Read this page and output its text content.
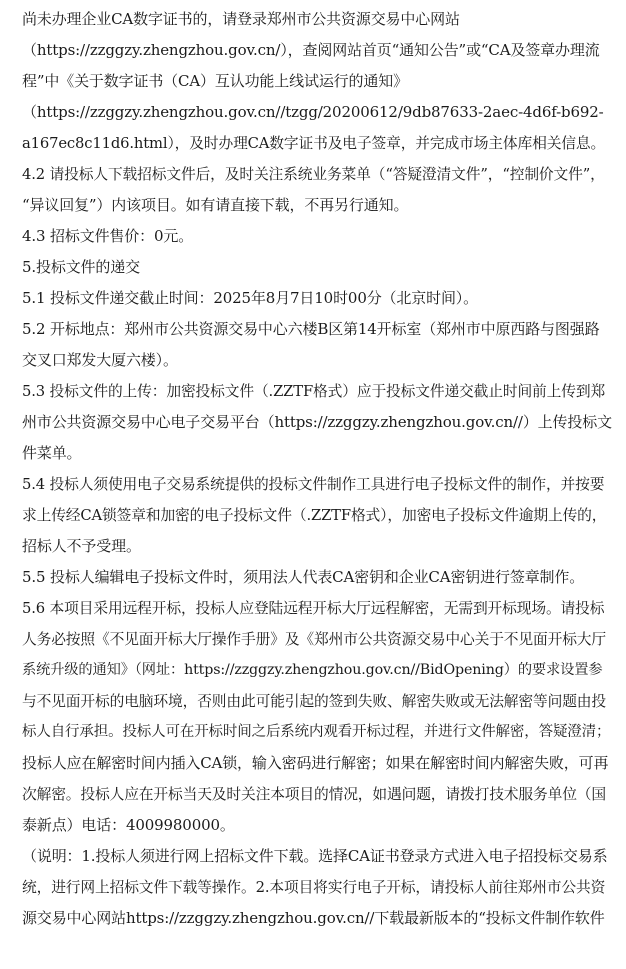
尚未办理企业CA数字证书的，请登录郑州市公共资源交易中心网站
（https://zzggzy.zhengzhou.gov.cn/），查阅网站首页“通知公告”或“CA及签章办理流
程”中《关于数字证书（CA）互认功能上线试运行的通知》
（https://zzggzy.zhengzhou.gov.cn//tzgg/20200612/9db87633-2aec-4d6f-b692-
a167ec8c11d6.html），及时办理CA数字证书及电子签章，并完成市场主体库相关信息。
4.2 请投标人下载招标文件后，及时关注系统业务菜单（“答疑澄清文件”，“控制价文件”，
“异议回复”）内该项目。如有请直接下载，不再另行通知。
4.3 招标文件售价：0元。
5.投标文件的递交
5.1 投标文件递交截止时间：2025年8月7日10时00分（北京时间）。
5.2 开标地点：郑州市公共资源交易中心六楼B区第14开标室（郑州市中原西路与图强路
交叉口郑发大厦六楼）。
5.3 投标文件的上传：加密投标文件（.ZZTF格式）应于投标文件递交截止时间前上传到郑
州市公共资源交易中心电子交易平台（https://zzggzy.zhengzhou.gov.cn//）上传投标文
件菜单。
5.4 投标人须使用电子交易系统提供的投标文件制作工具进行电子投标文件的制作，并按要
求上传经CA锁签章和加密的电子投标文件（.ZZTF格式），加密电子投标文件逾期上传的，
招标人不予受理。
5.5 投标人编辑电子投标文件时，须用法人代表CA密钥和企业CA密钥进行签章制作。
5.6 本项目采用远程开标，投标人应登陆远程开标大厅远程解密，无需到开标现场。请投标
人务必按照《不见面开标大厅操作手册》及《郑州市公共资源交易中心关于不见面开标大厅
系统升级的通知》（网址：https://zzggzy.zhengzhou.gov.cn//BidOpening）的要求设置参
与不见面开标的电脑环境，否则由此可能引起的签到失败、解密失败或无法解密等问题由投
标人自行承担。投标人可在开标时间之后系统内观看开标过程，并进行文件解密，答疑澄清；
投标人应在解密时间内插入CA锁，输入密码进行解密；如果在解密时间内解密失败，可再
次解密。投标人应在开标当天及时关注本项目的情况，如遇问题，请拨打技术服务单位（国
泰新点）电话：4009980000。
（说明：1.投标人须进行网上招标文件下载。选择CA证书登录方式进入电子招投标交易系
统，进行网上招标文件下载等操作。2.本项目将实行电子开标，请投标人前往郑州市公共资
源交易中心网站https://zzggzy.zhengzhou.gov.cn//下载最新版本的“投标文件制作软件
